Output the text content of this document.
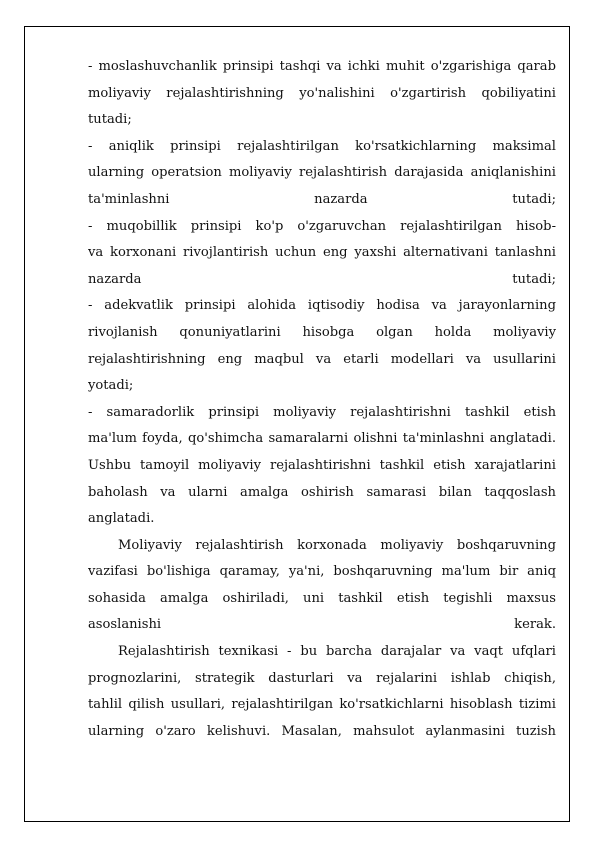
- moslashuvchanlik prinsipi tashqi va ichki muhit o'zgarishiga qarab
moliyaviy rejalashtirishning yo'nalishini o'zgartirish qobiliyatini
tutadi;
- aniqlik prinsipi rejalashtirilgan ko'rsatkichlarning maksimal
ularning operatsion moliyaviy rejalashtirish darajasida aniqlanishini
ta'minlashni nazarda tutadi;
- muqobillik prinsipi ko'p o'zgaruvchan rejalashtirilgan hisob-
va korxonani rivojlantirish uchun eng yaxshi alternativani tanlashni
nazarda tutadi;
- adekvatlik prinsipi alohida iqtisodiy hodisa va jarayonlarning
rivojlanish qonuniyatlarini hisobga olgan holda moliyaviy
rejalashtirishning eng maqbul va etarli modellari va usullarini
yotadi;
- samaradorlik prinsipi moliyaviy rejalashtirishni tashkil etish
ma'lum foyda, qo'shimcha samaralarni olishni ta'minlashni anglatadi.
Ushbu tamoyil moliyaviy rejalashtirishni tashkil etish xarajatlarini
baholash va ularni amalga oshirish samarasi bilan taqqoslash
anglatadi.
Moliyaviy rejalashtirish korxonada moliyaviy boshqaruvning
vazifasi bo'lishiga qaramay, ya'ni, boshqaruvning ma'lum bir aniq
sohasida amalga oshiriladi, uni tashkil etish tegishli maxsus
asoslanishi kerak.
Rejalashtirish texnikasi - bu barcha darajalar va vaqt ufqlari
prognozlarini, strategik dasturlari va rejalarini ishlab chiqish,
tahlil qilish usullari, rejalashtirilgan ko'rsatkichlarni hisoblash tizimi
ularning o'zaro kelishuvi. Masalan, mahsulot aylanmasini tuzish
